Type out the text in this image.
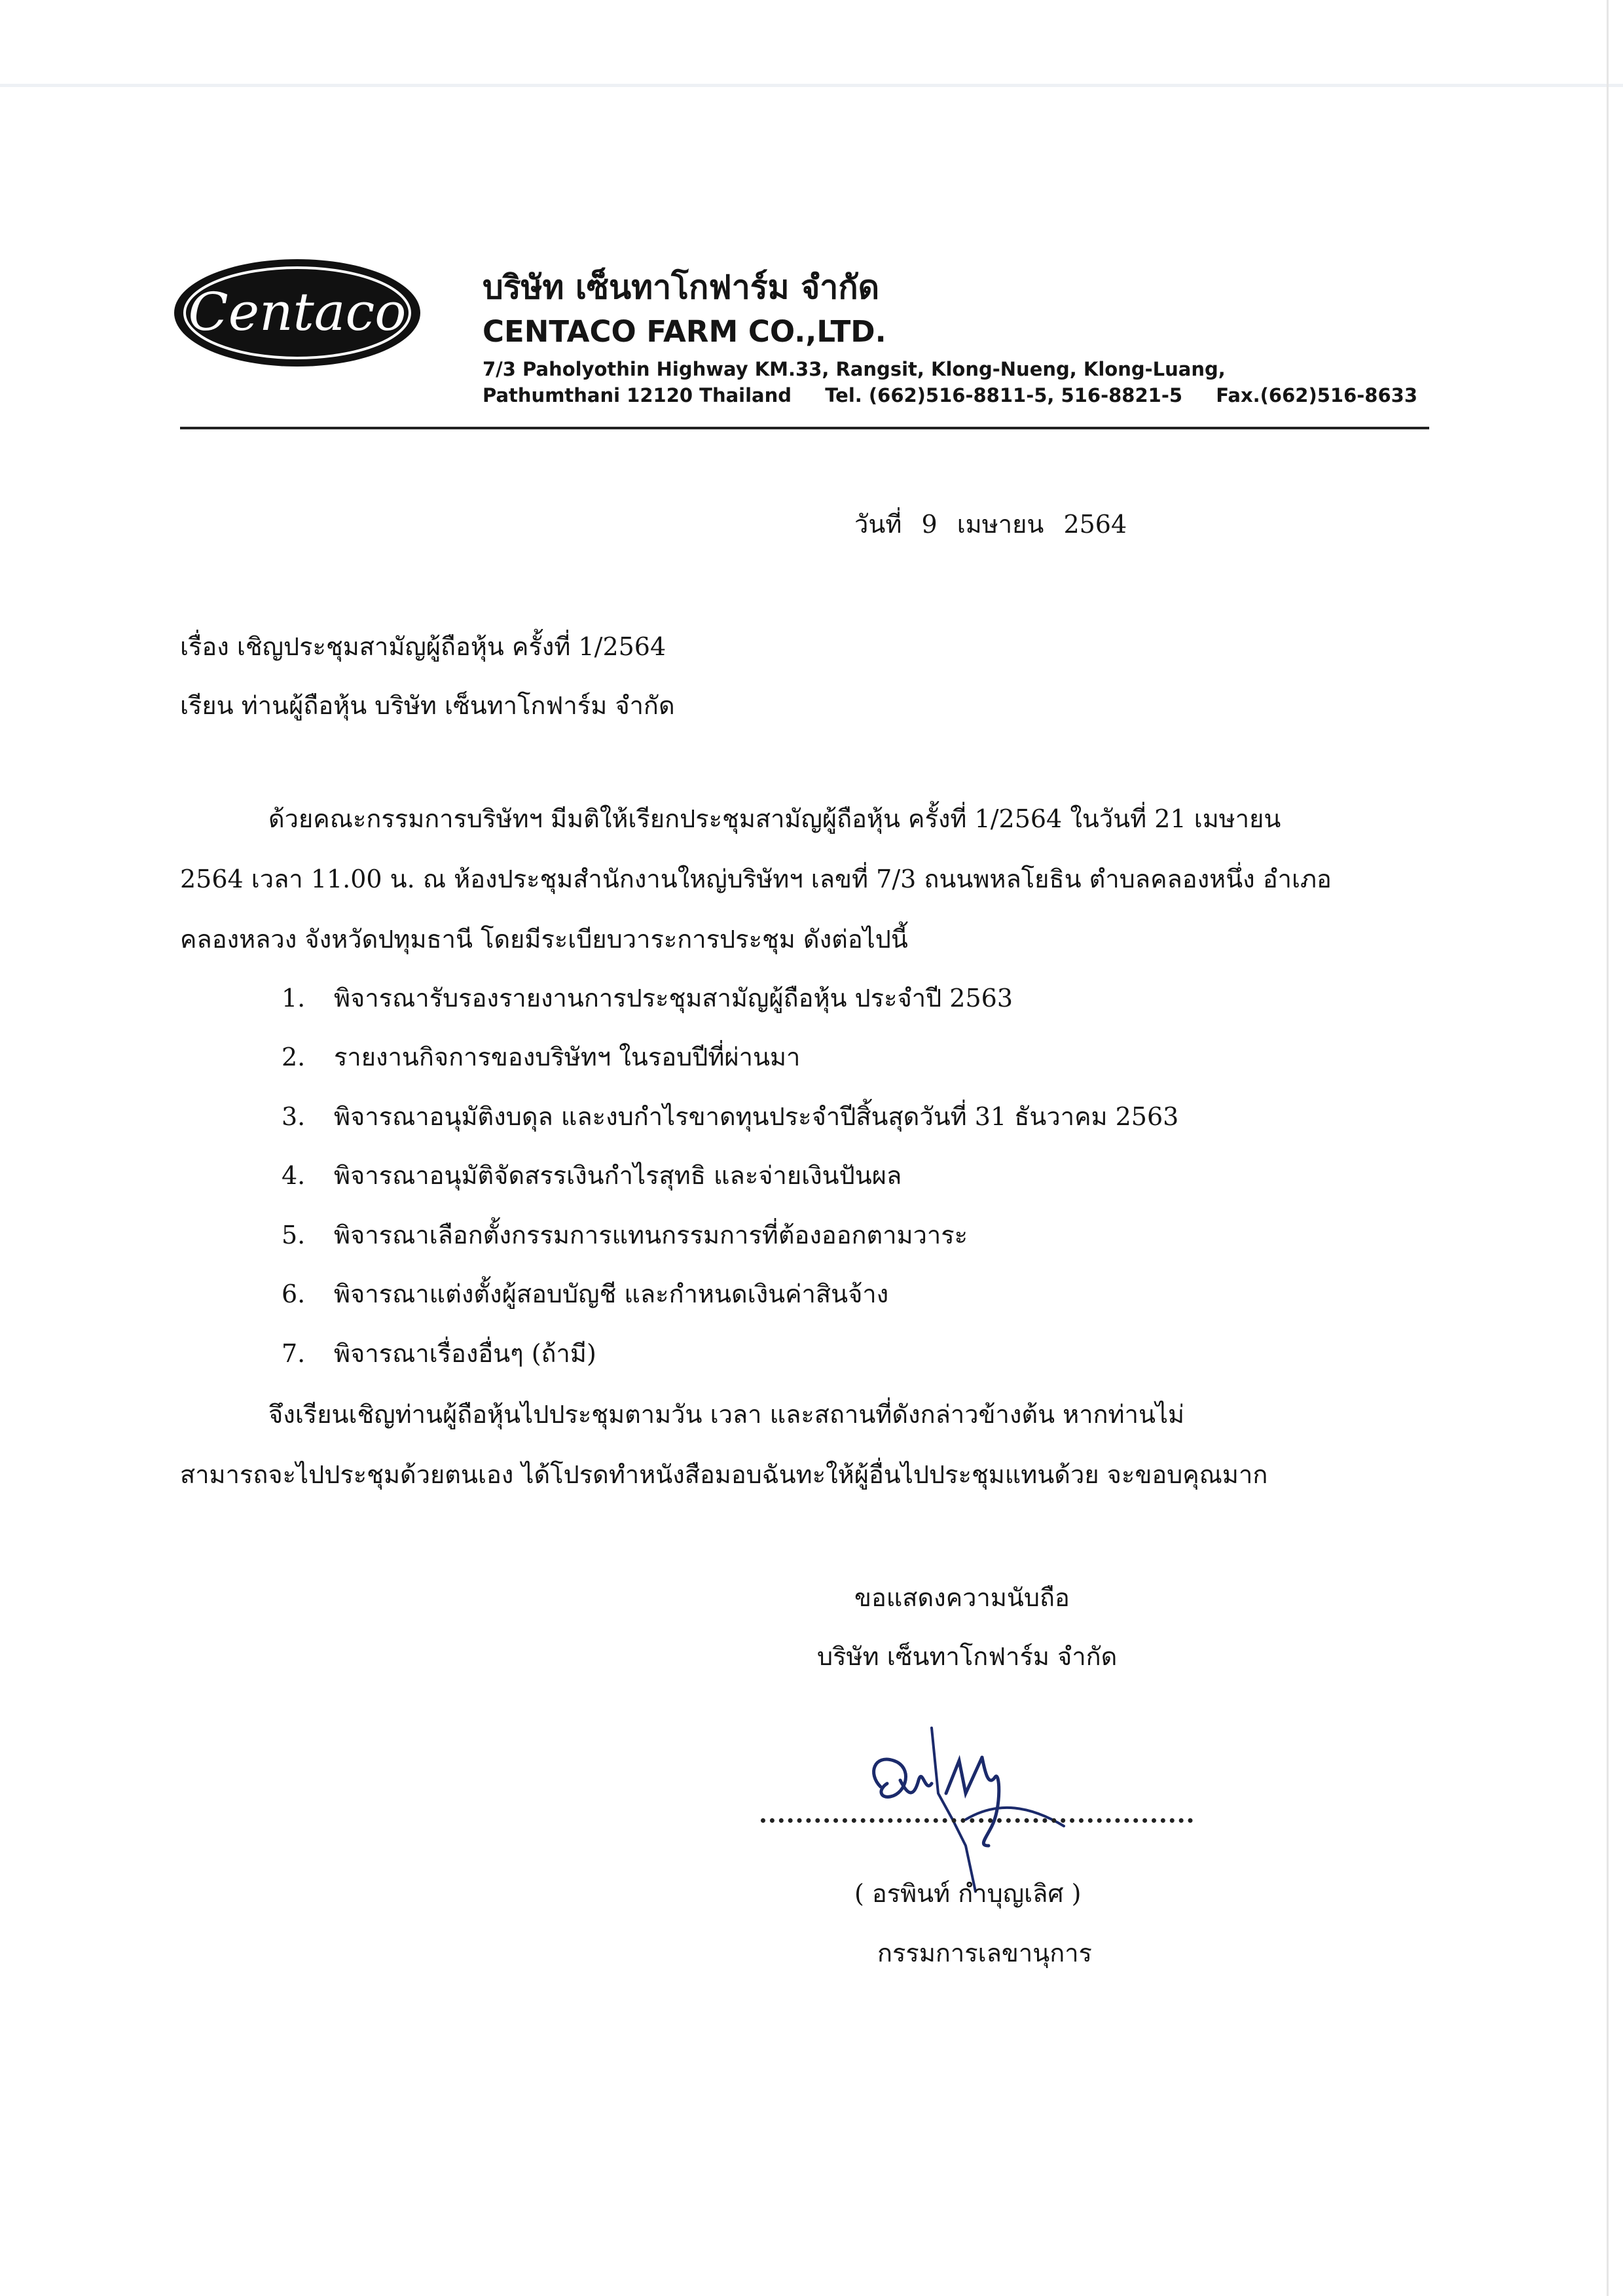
Centaco บริษัท เซ็นทาโกฟาร์ม จำกัด
CENTACO FARM CO.,LTD.
7/3 Paholyothin Highway KM.33, Rangsit, Klong-Nueng, Klong-Luang,
Pathumthani 12120 Thailand Tel. (662)516-8811-5, 516-8821-5 Fax.(662)516-8633
วันที่ 9 เมษายน 2564
เรื่อง เชิญประชุมสามัญผู้ถือหุ้น ครั้งที่ 1/2564
เรียน ท่านผู้ถือหุ้น บริษัท เซ็นทาโกฟาร์ม จำกัด
ด้วยคณะกรรมการบริษัทฯ มีมติให้เรียกประชุมสามัญผู้ถือหุ้น ครั้งที่ 1/2564 ในวันที่ 21 เมษายน
2564 เวลา 11.00 น. ณ ห้องประชุมสำนักงานใหญ่บริษัทฯ เลขที่ 7/3 ถนนพหลโยธิน ตำบลคลองหนึ่ง อำเภอ
คลองหลวง จังหวัดปทุมธานี โดยมีระเบียบวาระการประชุม ดังต่อไปนี้
1. พิจารณารับรองรายงานการประชุมสามัญผู้ถือหุ้น ประจำปี 2563
2. รายงานกิจการของบริษัทฯ ในรอบปีที่ผ่านมา
3. พิจารณาอนุมัติงบดุล และงบกำไรขาดทุนประจำปีสิ้นสุดวันที่ 31 ธันวาคม 2563
4. พิจารณาอนุมัติจัดสรรเงินกำไรสุทธิ และจ่ายเงินปันผล
5. พิจารณาเลือกตั้งกรรมการแทนกรรมการที่ต้องออกตามวาระ
6. พิจารณาแต่งตั้งผู้สอบบัญชี และกำหนดเงินค่าสินจ้าง
7. พิจารณาเรื่องอื่นๆ (ถ้ามี)
จึงเรียนเชิญท่านผู้ถือหุ้นไปประชุมตามวัน เวลา และสถานที่ดังกล่าวข้างต้น หากท่านไม่
สามารถจะไปประชุมด้วยตนเอง ได้โปรดทำหนังสือมอบฉันทะให้ผู้อื่นไปประชุมแทนด้วย จะขอบคุณมาก
ขอแสดงความนับถือ
บริษัท เซ็นทาโกฟาร์ม จำกัด
( อรพินท์ กำบุญเลิศ )
กรรมการเลขานุการ
